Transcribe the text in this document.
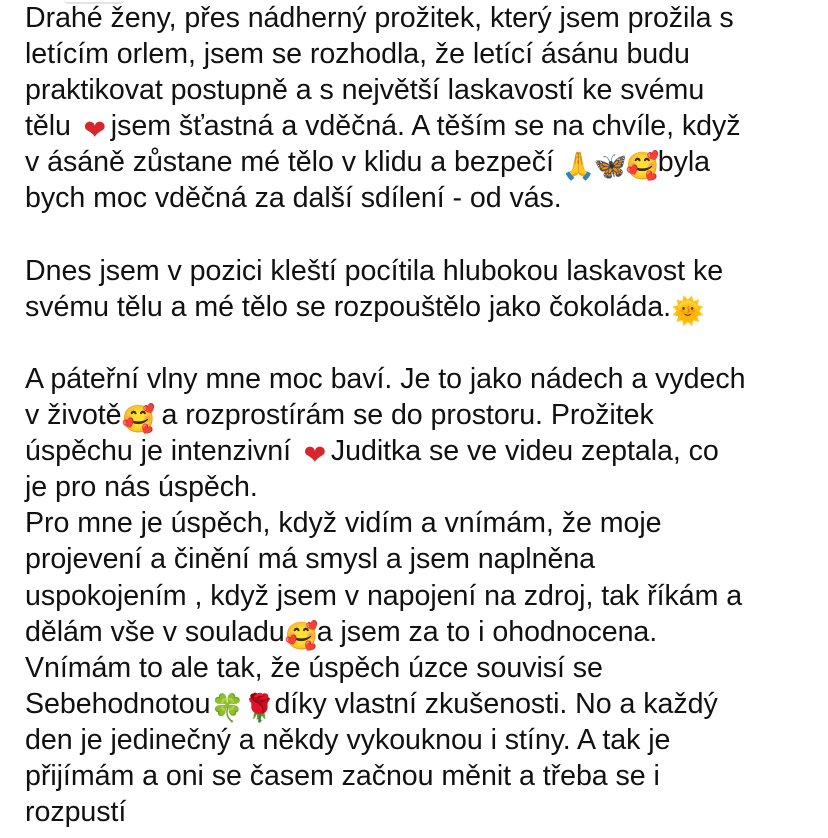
Drahé ženy, přes nádherný prožitek, který jsem prožila s
letícím orlem, jsem se rozhodla, že letící ásánu budu
praktikovat postupně a s největší laskavostí ke svému
tělu ❤ jsem šťastná a vděčná. A těším se na chvíle, když
v ásáně zůstane mé tělo v klidu a bezpečí 🙏🦋🥰byla
bych moc vděčná za další sdílení - od vás.
Dnes jsem v pozici kleští pocítila hlubokou laskavost ke
svému tělu a mé tělo se rozpouštělo jako čokoláda.🌞
A páteřní vlny mne moc baví. Je to jako nádech a vydech
v životě🥰 a rozprostírám se do prostoru. Prožitek
úspěchu je intenzivní ❤ Juditka se ve videu zeptala, co
je pro nás úspěch.
Pro mne je úspěch, když vidím a vnímám, že moje
projevení a činění má smysl a jsem naplněna
uspokojením , když jsem v napojení na zdroj, tak říkám a
dělám vše v souladu🥰a jsem za to i ohodnocena.
Vnímám to ale tak, že úspěch úzce souvisí se
Sebehodnotou🍀🌹díky vlastní zkušenosti. No a každý
den je jedinečný a někdy vykouknou i stíny. A tak je
přijímám a oni se časem začnou měnit a třeba se i
rozpustí
